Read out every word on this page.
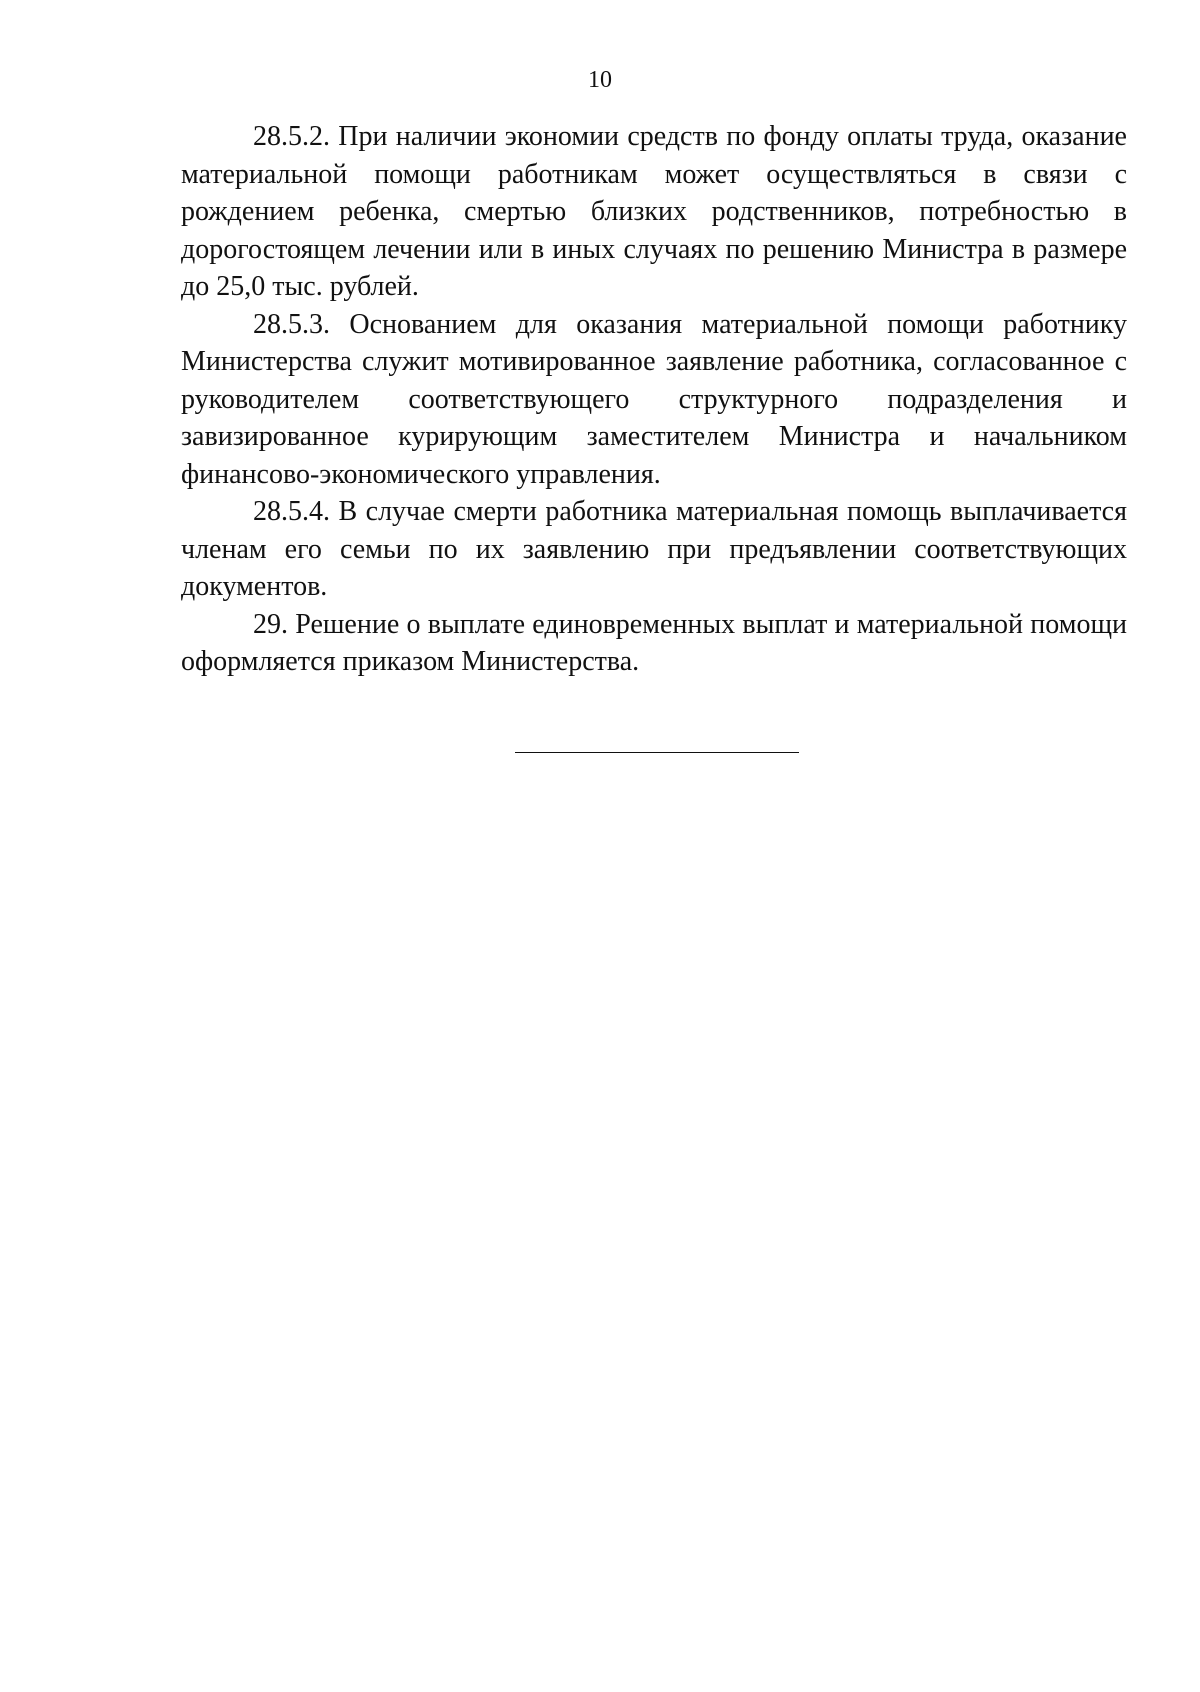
10

28.5.2. При наличии экономии средств по фонду оплаты труда, оказание материальной помощи работникам может осуществляться в связи с рождением ребенка, смертью близких родственников, потребностью в дорогостоящем лечении или в иных случаях по решению Министра в размере до 25,0 тыс. рублей.

28.5.3. Основанием для оказания материальной помощи работнику Министерства служит мотивированное заявление работника, согласованное с руководителем соответствующего структурного подразделения и завизированное курирующим заместителем Министра и начальником финансово-экономического управления.

28.5.4. В случае смерти работника материальная помощь выплачивается членам его семьи по их заявлению при предъявлении соответствующих документов.

29. Решение о выплате единовременных выплат и материальной помощи оформляется приказом Министерства.
